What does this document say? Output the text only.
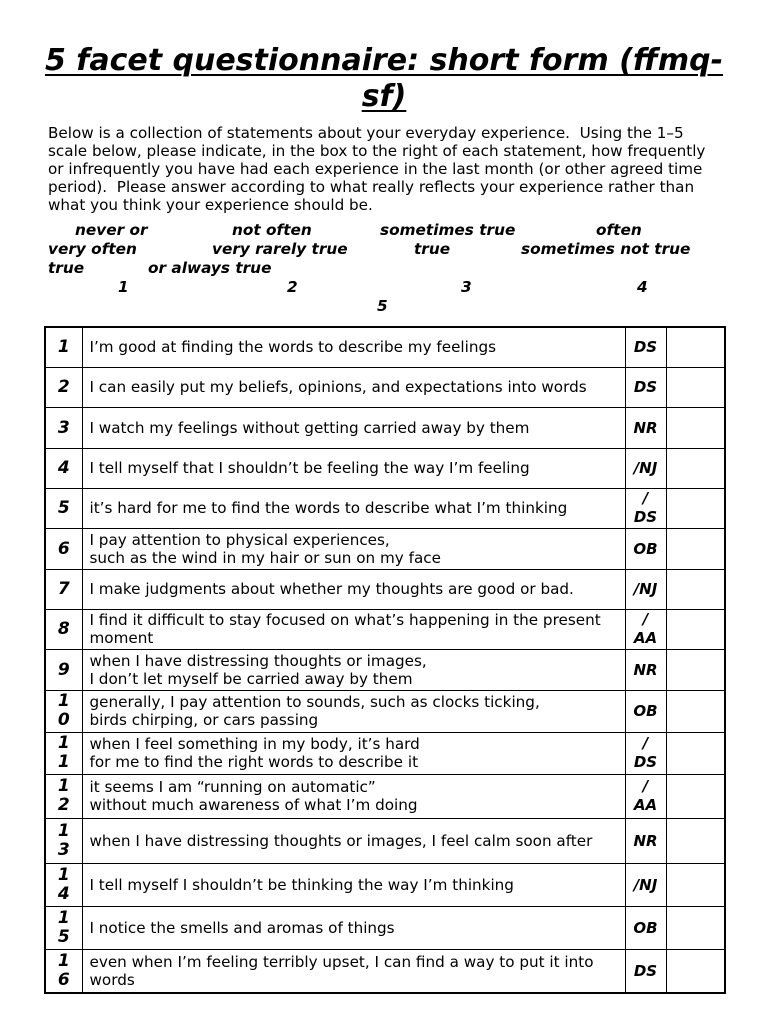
5 facet questionnaire: short form (ffmq-sf)
Below is a collection of statements about your everyday experience.  Using the 1–5
scale below, please indicate, in the box to the right of each statement, how frequently
or infrequently you have had each experience in the last month (or other agreed time
period).  Please answer according to what really reflects your experience rather than
what you think your experience should be.
never or	not often	sometimes true	often
very often	very rarely true	true	sometimes not true
true	or always true
1	2	3	4
5
1	I’m good at finding the words to describe my feelings	DS	
2	I can easily put my beliefs, opinions, and expectations into words	DS	
3	I watch my feelings without getting carried away by them	NR	
4	I tell myself that I shouldn’t be feeling the way I’m feeling	/NJ	
5	it’s hard for me to find the words to describe what I’m thinking	/ DS	
6	I pay attention to physical experiences,
such as the wind in my hair or sun on my face	OB	
7	I make judgments about whether my thoughts are good or bad.	/NJ	
8	I find it difficult to stay focused on what’s happening in the present moment	/ AA	
9	when I have distressing thoughts or images,
I don’t let myself be carried away by them	NR	
10	generally, I pay attention to sounds, such as clocks ticking,
birds chirping, or cars passing	OB	
11	when I feel something in my body, it’s hard
for me to find the right words to describe it	/ DS	
12	it seems I am “running on automatic”
without much awareness of what I’m doing	/ AA	
13	when I have distressing thoughts or images, I feel calm soon after	NR	
14	I tell myself I shouldn’t be thinking the way I’m thinking	/NJ	
15	I notice the smells and aromas of things	OB	
16	even when I’m feeling terribly upset, I can find a way to put it into words	DS	
